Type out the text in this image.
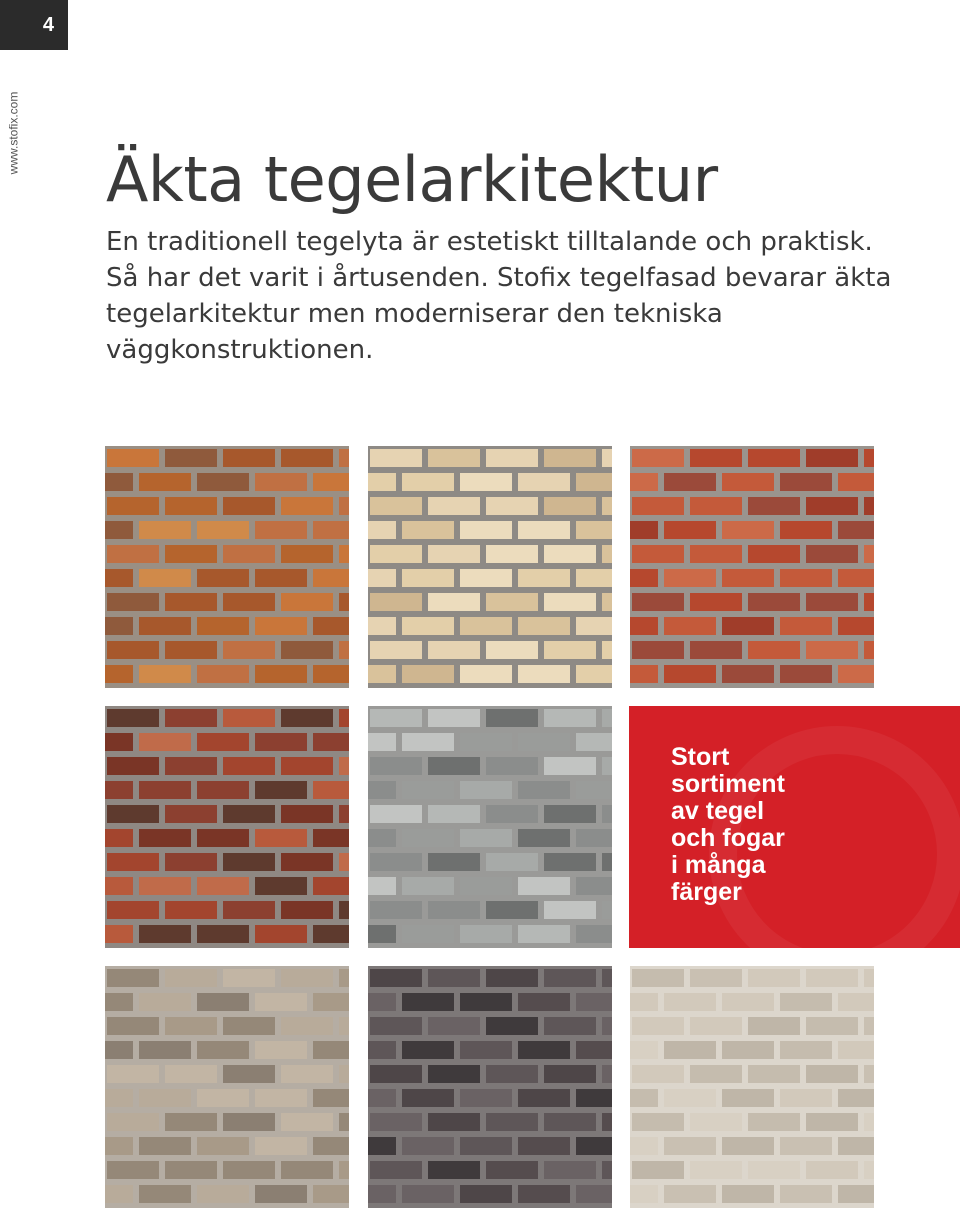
4
www.stofix.com
Äkta tegelarkitektur

En traditionell tegelyta är estetiskt tilltalande och praktisk. Så har det varit i årtusenden. Stofix tegelfasad bevarar äkta tegelarkitektur men moderniserar den tekniska väggkonstruktionen.

Stort
sortiment
av tegel
och fogar
i många
färger
